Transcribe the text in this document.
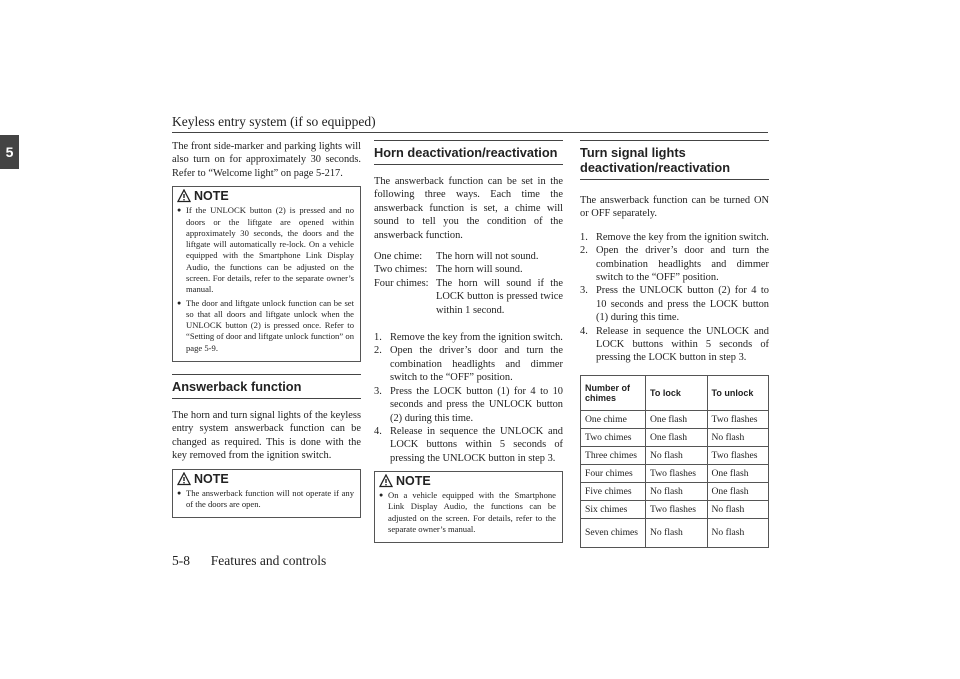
Keyless entry system (if so equipped)
5	The front side-marker and parking lights will also turn on for approximately 30 seconds. Refer to “Welcome light” on page 5-217.

NOTE
● If the UNLOCK button (2) is pressed and no doors or the liftgate are opened within approximately 30 seconds, the doors and the liftgate will automatically re-lock. On a vehicle equipped with the Smartphone Link Display Audio, the functions can be adjusted on the screen. For details, refer to the separate owner’s manual.
● The door and liftgate unlock function can be set so that all doors and liftgate unlock when the UNLOCK button (2) is pressed once. Refer to “Setting of door and liftgate unlock function” on page 5-9.
Answerback function

The horn and turn signal lights of the keyless entry system answerback function can be changed as required. This is done with the key removed from the ignition switch.

NOTE
● The answerback function will not operate if any of the doors are open.
Horn deactivation/reactivation

The answerback function can be set in the following three ways. Each time the answerback function is set, a chime will sound to tell you the condition of the answerback function.

One chime:	The horn will not sound.
Two chimes: The horn will sound.
Four chimes: The horn will sound if the LOCK button is pressed twice within 1 second.
1. Remove the key from the ignition switch.
2. Open the driver’s door and turn the combination headlights and dimmer switch to the “OFF” position.
3. Press the LOCK button (1) for 4 to 10 seconds and press the UNLOCK button (2) during this time.
4. Release in sequence the UNLOCK and LOCK buttons within 5 seconds of pressing the UNLOCK button in step 3.
NOTE
● On a vehicle equipped with the Smartphone Link Display Audio, the functions can be adjusted on the screen. For details, refer to the separate owner’s manual.
Turn signal lights deactivation/reactivation

The answerback function can be turned ON or OFF separately.

1. Remove the key from the ignition switch.
2. Open the driver’s door and turn the combination headlights and dimmer switch to the “OFF” position.
3. Press the UNLOCK button (2) for 4 to 10 seconds and press the LOCK button (1) during this time.
4. Release in sequence the UNLOCK and LOCK buttons within 5 seconds of pressing the LOCK button in step 3.
Number of chimes	To lock	To unlock
One chime	One flash	Two flashes
Two chimes	One flash	No flash
Three chimes	No flash	Two flashes
Four chimes	Two flashes	One flash
Five chimes	No flash	One flash
Six chimes	Two flashes	No flash
Seven chimes	No flash	No flash
5-8 Features and controls
